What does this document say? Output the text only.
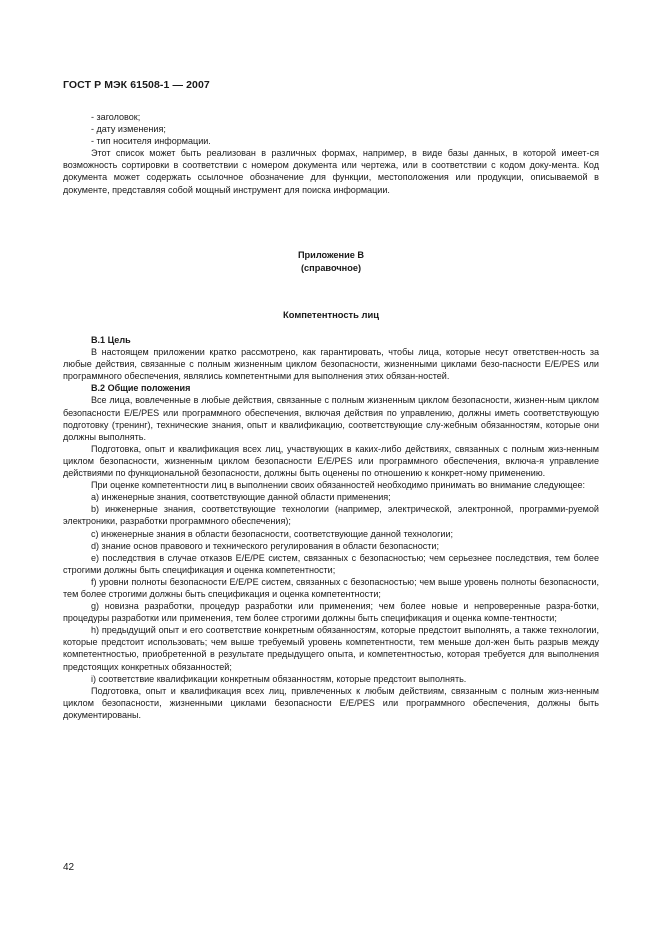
ГОСТ Р МЭК 61508-1 — 2007

- заголовок;

- дату изменения;

- тип носителя информации.

Этот список может быть реализован в различных формах, например, в виде базы данных, в которой имеет-ся возможность сортировки в соответствии с номером документа или чертежа, или в соответствии с кодом доку-мента. Код документа может содержать ссылочное обозначение для функции, местоположения или продукции, описываемой в документе, представляя собой мощный инструмент для поиска информации.

Приложение В
(справочное)
Компетентность лиц

В.1 Цель

В настоящем приложении кратко рассмотрено, как гарантировать, чтобы лица, которые несут ответствен-ность за любые действия, связанные с полным жизненным циклом безопасности, жизненными циклами безо-пасности E/E/PES или программного обеспечения, являлись компетентными для выполнения этих обязан-ностей.

В.2 Общие положения

Все лица, вовлеченные в любые действия, связанные с полным жизненным циклом безопасности, жизнен-ным циклом безопасности E/E/PES или программного обеспечения, включая действия по управлению, должны иметь соответствующую подготовку (тренинг), технические знания, опыт и квалификацию, соответствующие слу-жебным обязанностям, которые они должны выполнять.

Подготовка, опыт и квалификация всех лиц, участвующих в каких-либо действиях, связанных с полным жиз-ненным циклом безопасности, жизненным циклом безопасности E/E/PES или программного обеспечения, включа-я управление действиями по функциональной безопасности, должны быть оценены по отношению к конкрет-ному применению.

При оценке компетентности лиц в выполнении своих обязанностей необходимо принимать во внимание следующее:

а) инженерные знания, соответствующие данной области применения;

b) инженерные знания, соответствующие технологии (например, электрической, электронной, программи-руемой электроники, разработки программного обеспечения);

с) инженерные знания в области безопасности, соответствующие данной технологии;

d) знание основ правового и технического регулирования в области безопасности;

е) последствия в случае отказов E/E/PE систем, связанных с безопасностью; чем серьезнее последствия, тем более строгими должны быть спецификация и оценка компетентности;

f) уровни полноты безопасности E/E/PE систем, связанных с безопасностью; чем выше уровень полноты безопасности, тем более строгими должны быть спецификация и оценка компетентности;

g) новизна разработки, процедур разработки или применения; чем более новые и непроверенные разра-ботки, процедуры разработки или применения, тем более строгими должны быть спецификация и оценка компе-тентности;

h) предыдущий опыт и его соответствие конкретным обязанностям, которые предстоит выполнять, а также технологии, которые предстоит использовать; чем выше требуемый уровень компетентности, тем меньше дол-жен быть разрыв между компетентностью, приобретенной в результате предыдущего опыта, и компетентностью, которая требуется для выполнения предстоящих конкретных обязанностей;

i) соответствие квалификации конкретным обязанностям, которые предстоит выполнять.

Подготовка, опыт и квалификация всех лиц, привлеченных к любым действиям, связанным с полным жиз-ненным циклом безопасности, жизненными циклами безопасности E/E/PES или программного обеспечения, должны быть документированы.

42
